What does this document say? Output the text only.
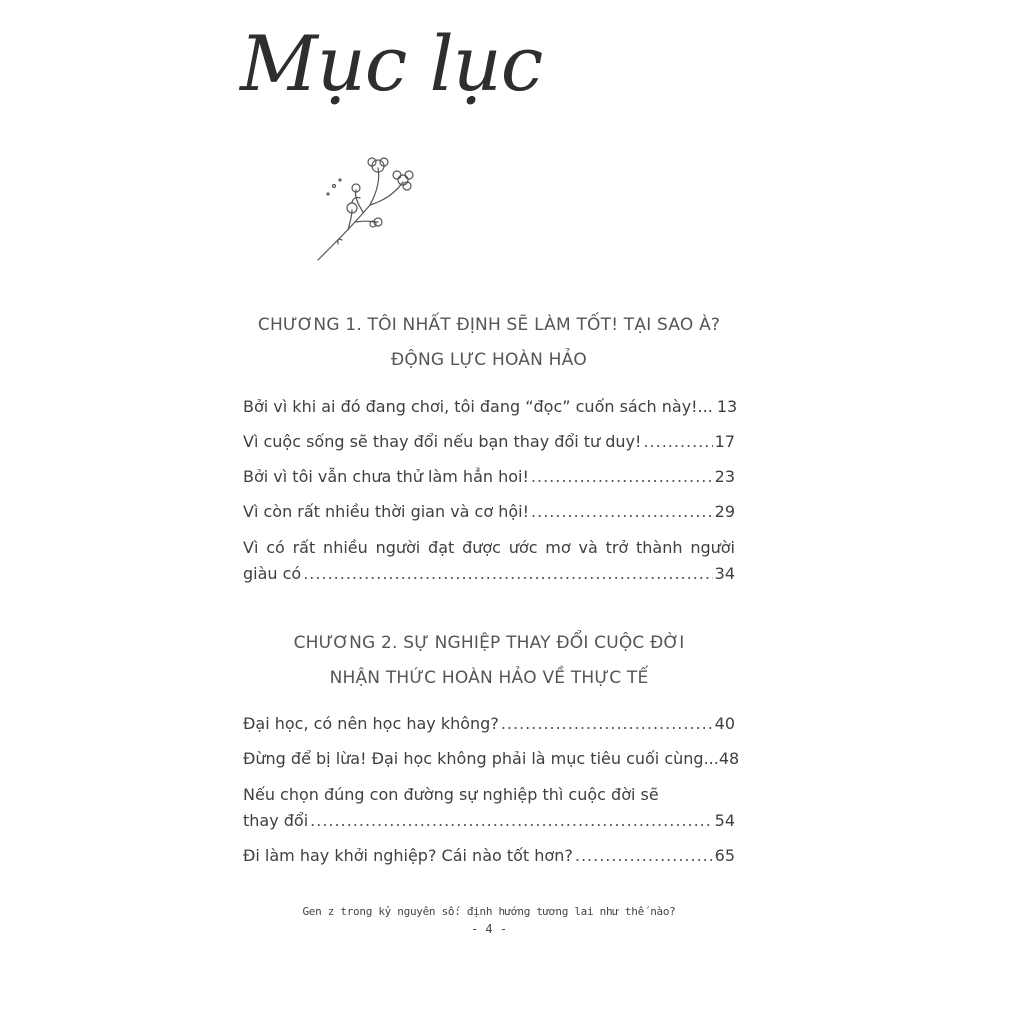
Mục lục
CHƯƠNG 1. TÔI NHẤT ĐỊNH SẼ LÀM TỐT! TẠI SAO À?
ĐỘNG LỰC HOÀN HẢO
Bởi vì khi ai đó đang chơi, tôi đang “đọc” cuốn sách này!... 13
Vì cuộc sống sẽ thay đổi nếu bạn thay đổi tư duy! .....	17
Bởi vì tôi vẫn chưa thử làm hẳn hoi! .....	23
Vì còn rất nhiều thời gian và cơ hội! .....	29
Vì có rất nhiều người đạt được ước mơ và trở thành người
giàu có .....	34
CHƯƠNG 2. SỰ NGHIỆP THAY ĐỔI CUỘC ĐỜI
NHẬN THỨC HOÀN HẢO VỀ THỰC TẾ
Đại học, có nên học hay không? .....	40
Đừng để bị lừa! Đại học không phải là mục tiêu cuối cùng... 48
Nếu chọn đúng con đường sự nghiệp thì cuộc đời sẽ
thay đổi .....	54
Đi làm hay khởi nghiệp? Cái nào tốt hơn? .....	65
Gen z trong kỷ nguyên số: định hướng tương lai như thế nào?
- 4 -
